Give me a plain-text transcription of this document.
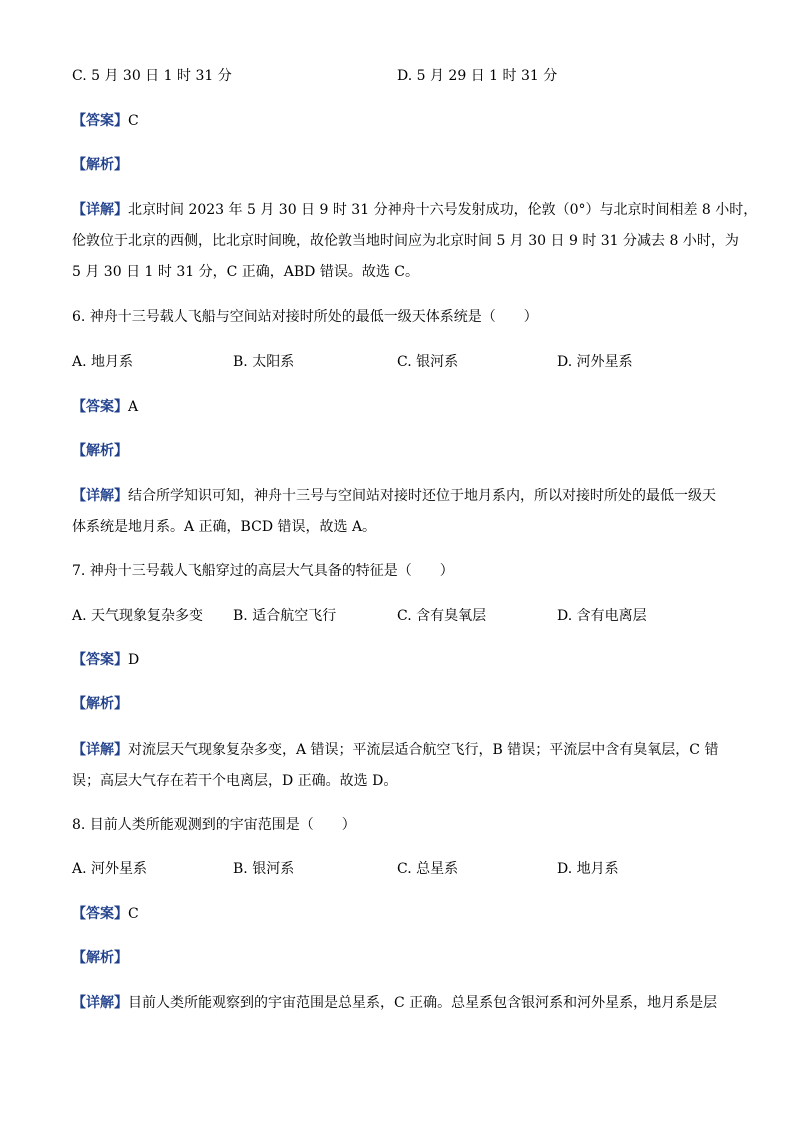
C. 5 月 30 日 1 时 31 分	D. 5 月 29 日 1 时 31 分
【答案】C
【解析】
【详解】北京时间 2023 年 5 月 30 日 9 时 31 分神舟十六号发射成功，伦敦（0°）与北京时间相差 8 小时，
伦敦位于北京的西侧，比北京时间晚，故伦敦当地时间应为北京时间 5 月 30 日 9 时 31 分减去 8 小时，为
5 月 30 日 1 时 31 分，C 正确，ABD 错误。故选 C。
6. 神舟十三号载人飞船与空间站对接时所处的最低一级天体系统是（　　）
A. 地月系	B. 太阳系	C. 银河系	D. 河外星系
【答案】A
【解析】
【详解】结合所学知识可知，神舟十三号与空间站对接时还位于地月系内，所以对接时所处的最低一级天
体系统是地月系。A 正确，BCD 错误，故选 A。
7. 神舟十三号载人飞船穿过的高层大气具备的特征是（　　）
A. 天气现象复杂多变 B. 适合航空飞行	C. 含有臭氧层	D. 含有电离层
【答案】D
【解析】
【详解】对流层天气现象复杂多变，A 错误；平流层适合航空飞行，B 错误；平流层中含有臭氧层，C 错
误；高层大气存在若干个电离层，D 正确。故选 D。
8. 目前人类所能观测到的宇宙范围是（　　）
A. 河外星系	B. 银河系	C. 总星系	D. 地月系
【答案】C
【解析】
【详解】目前人类所能观察到的宇宙范围是总星系，C 正确。总星系包含银河系和河外星系，地月系是层
